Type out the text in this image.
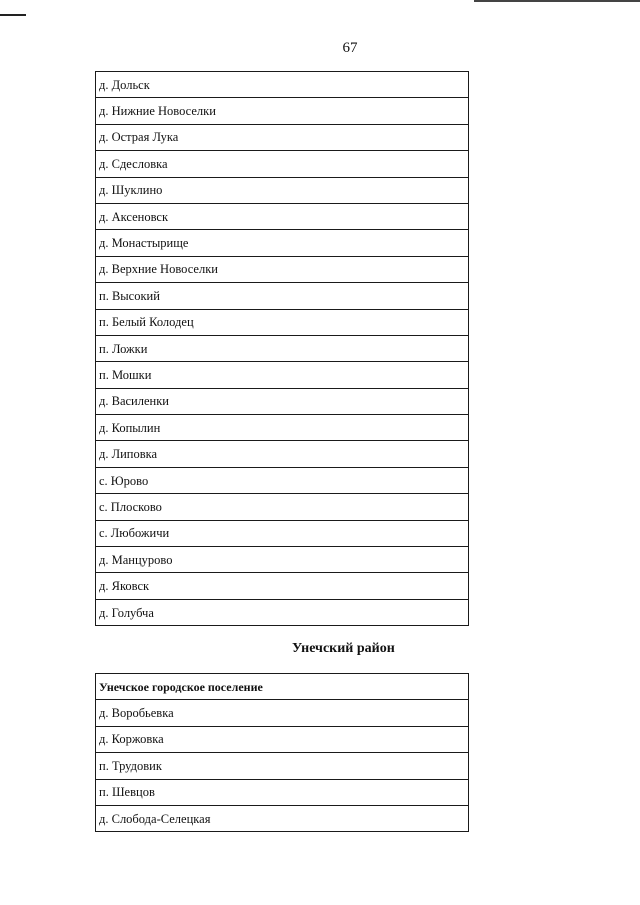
67
д. Дольск
д. Нижние Новоселки
д. Острая Лука
д. Сдесловка
д. Шуклино
д. Аксеновск
д. Монастырище
д. Верхние Новоселки
п. Высокий
п. Белый Колодец
п. Ложки
п. Мошки
д. Василенки
д. Копылин
д. Липовка
с. Юрово
с. Плосково
с. Любожичи
д. Манцурово
д. Яковск
д. Голубча
Унечский район
Унечское городское поселение
д. Воробьевка
д. Коржовка
п. Трудовик
п. Шевцов
д. Слобода-Селецкая
